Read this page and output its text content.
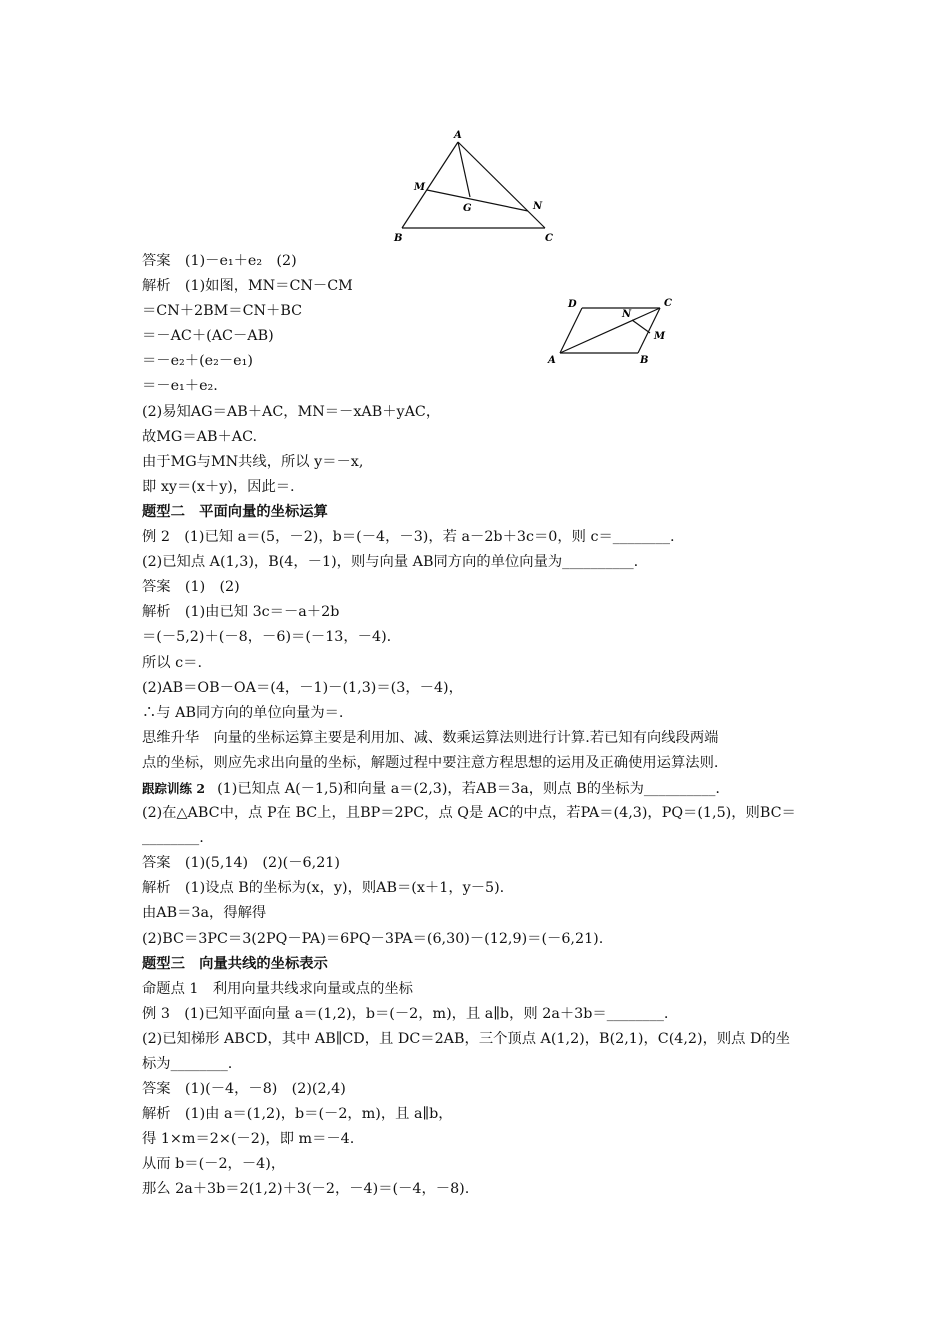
A
B	C
M
N
G
D	C
N
M
A	B
答案　(1)－e₁＋e₂　(2)
解析　(1)如图，MN＝CN－CM
＝CN＋2BM＝CN＋BC
＝－AC＋(AC－AB)
＝－e₂＋(e₂－e₁)
＝－e₁＋e₂.
(2)易知AG＝AB＋AC，MN＝－xAB＋yAC，
故MG＝AB＋AC.
由于MG与MN共线，所以 y＝－x,
即 xy＝(x＋y)，因此＝.
题型二　平面向量的坐标运算
例 2　(1)已知 a＝(5，－2)，b＝(－4，－3)，若 a－2b＋3c＝0，则 c＝________.
(2)已知点 A(1,3)，B(4，－1)，则与向量 AB同方向的单位向量为__________.
答案　(1)　(2)
解析　(1)由已知 3c＝－a＋2b
＝(－5,2)＋(－8，－6)＝(－13，－4).
所以 c＝.
(2)AB＝OB－OA＝(4，－1)－(1,3)＝(3，－4)，
∴与 AB同方向的单位向量为＝.
思维升华　向量的坐标运算主要是利用加、减、数乘运算法则进行计算.若已知有向线段两端
点的坐标，则应先求出向量的坐标，解题过程中要注意方程思想的运用及正确使用运算法则.
跟踪训练 2 (1)已知点 A(－1,5)和向量 a＝(2,3)，若AB＝3a，则点 B的坐标为__________.
(2)在△ABC中，点 P在 BC上，且BP＝2PC，点 Q是 AC的中点，若PA＝(4,3)，PQ＝(1,5)，则BC＝
________.
答案　(1)(5,14)　(2)(－6,21)
解析　(1)设点 B的坐标为(x，y)，则AB＝(x＋1，y－5).
由AB＝3a，得解得
(2)BC＝3PC＝3(2PQ－PA)＝6PQ－3PA＝(6,30)－(12,9)＝(－6,21).
题型三　向量共线的坐标表示
命题点 1　利用向量共线求向量或点的坐标
例 3　(1)已知平面向量 a＝(1,2)，b＝(－2，m)，且 a∥b，则 2a＋3b＝________.
(2)已知梯形 ABCD，其中 AB∥CD，且 DC＝2AB，三个顶点 A(1,2)，B(2,1)，C(4,2)，则点 D的坐
标为________.
答案　(1)(－4，－8)　(2)(2,4)
解析　(1)由 a＝(1,2)，b＝(－2，m)，且 a∥b，
得 1×m＝2×(－2)，即 m＝－4.
从而 b＝(－2，－4)，
那么 2a＋3b＝2(1,2)＋3(－2，－4)＝(－4，－8).
